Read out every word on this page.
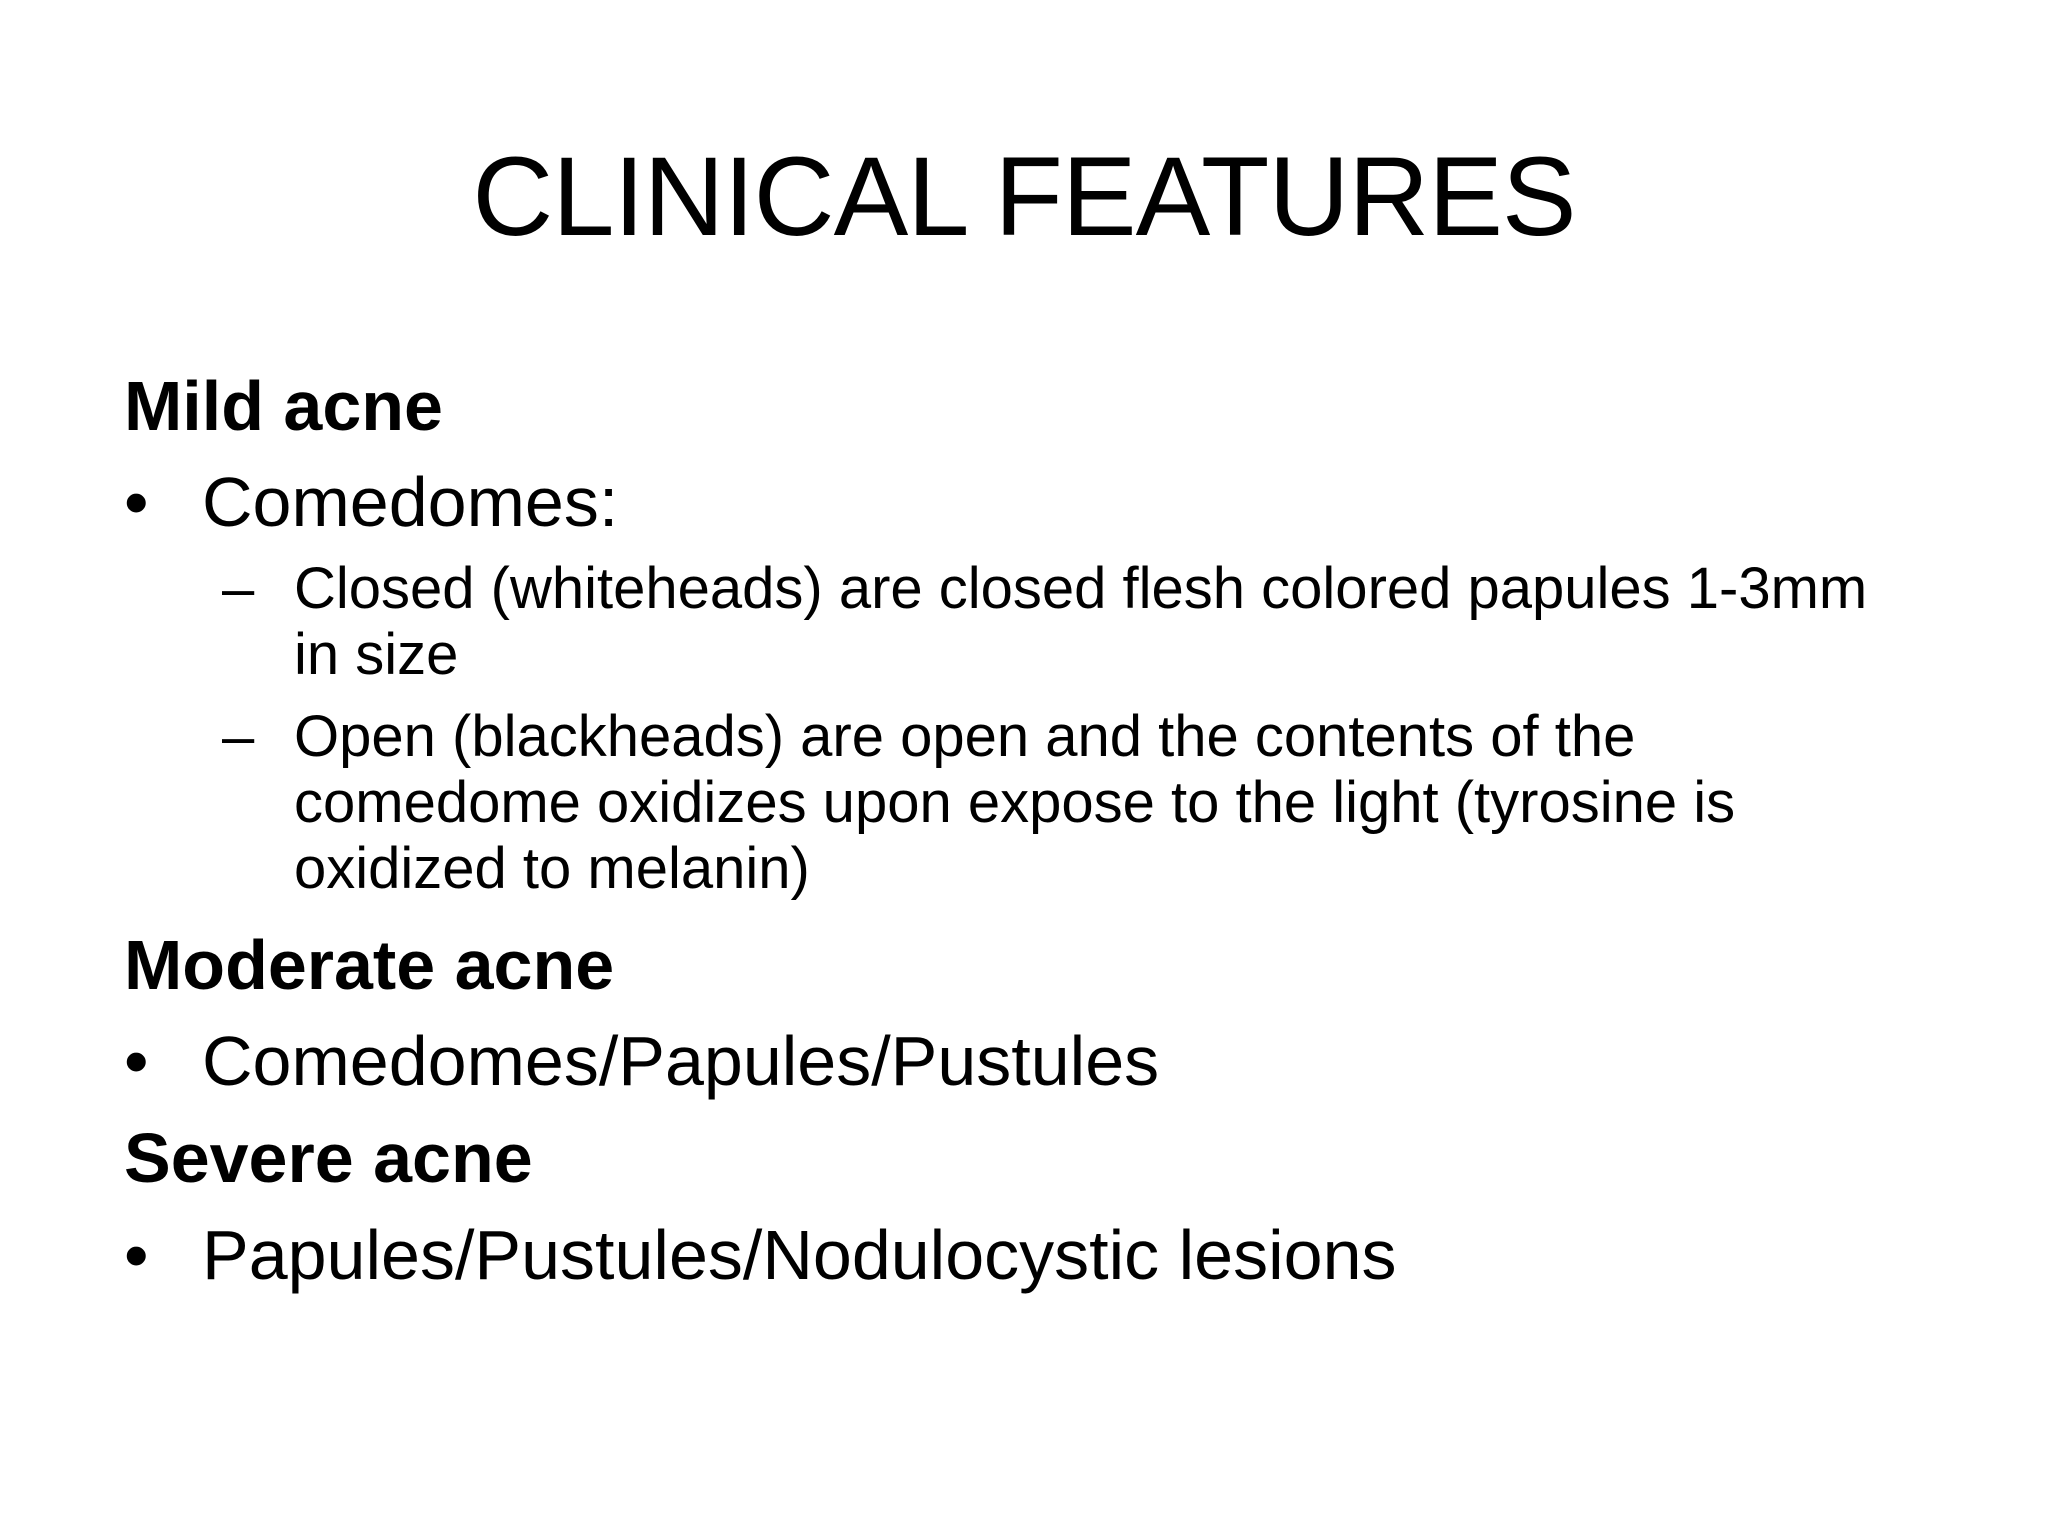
CLINICAL FEATURES
Mild acne
• Comedomes:
– Closed (whiteheads) are closed flesh colored papules 1-3mm in size
– Open (blackheads) are open and the contents of the comedome oxidizes upon expose to the light (tyrosine is oxidized to melanin)
Moderate acne
• Comedomes/Papules/Pustules
Severe acne
• Papules/Pustules/Nodulocystic lesions
